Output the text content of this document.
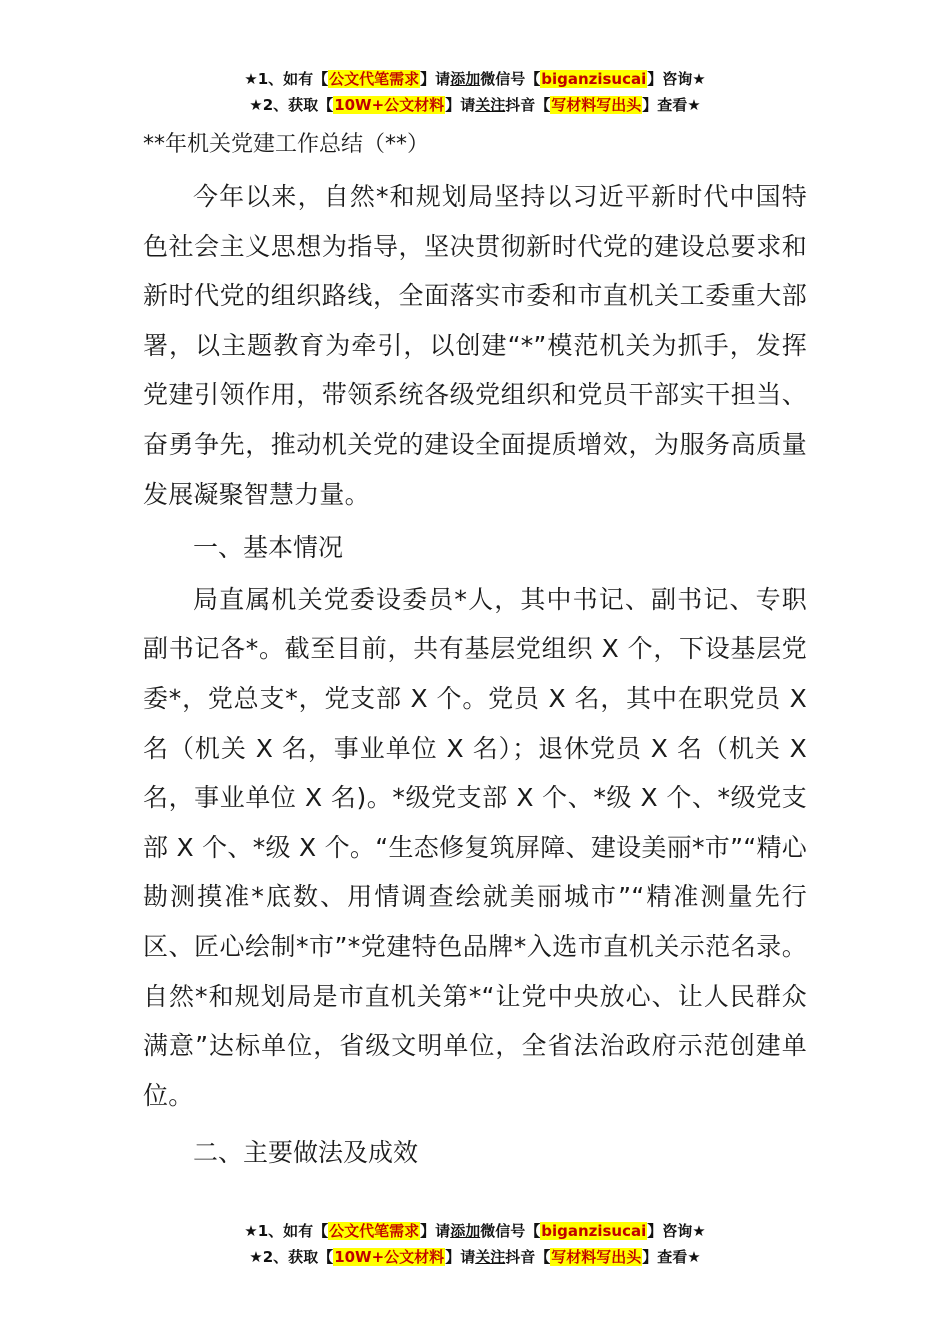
★1、如有【公文代笔需求】请添加微信号【biganzisucai】咨询★
★2、获取【10W+公文材料】请关注抖音【写材料写出头】查看★
**年机关党建工作总结（**）

今年以来，自然*和规划局坚持以习近平新时代中国特色社会主义思想为指导，坚决贯彻新时代党的建设总要求和新时代党的组织路线，全面落实市委和市直机关工委重大部署，以主题教育为牵引，以创建“*”模范机关为抓手，发挥党建引领作用，带领系统各级党组织和党员干部实干担当、奋勇争先，推动机关党的建设全面提质增效，为服务高质量发展凝聚智慧力量。

一、基本情况

局直属机关党委设委员*人，其中书记、副书记、专职副书记各*。截至目前，共有基层党组织 X 个，下设基层党委*，党总支*，党支部 X 个。党员 X 名，其中在职党员 X 名（机关 X 名，事业单位 X 名）；退休党员 X 名（机关 X 名，事业单位 X 名)。*级党支部 X 个、*级 X 个、*级党支部 X 个、*级 X 个。“生态修复筑屏障、建设美丽*市”“精心勘测摸准*底数、用情调查绘就美丽城市”“精准测量先行区、匠心绘制*市”*党建特色品牌*入选市直机关示范名录。自然*和规划局是市直机关第*“让党中央放心、让人民群众满意”达标单位，省级文明单位，全省法治政府示范创建单位。

二、主要做法及成效

★1、如有【公文代笔需求】请添加微信号【biganzisucai】咨询★
★2、获取【10W+公文材料】请关注抖音【写材料写出头】查看★
